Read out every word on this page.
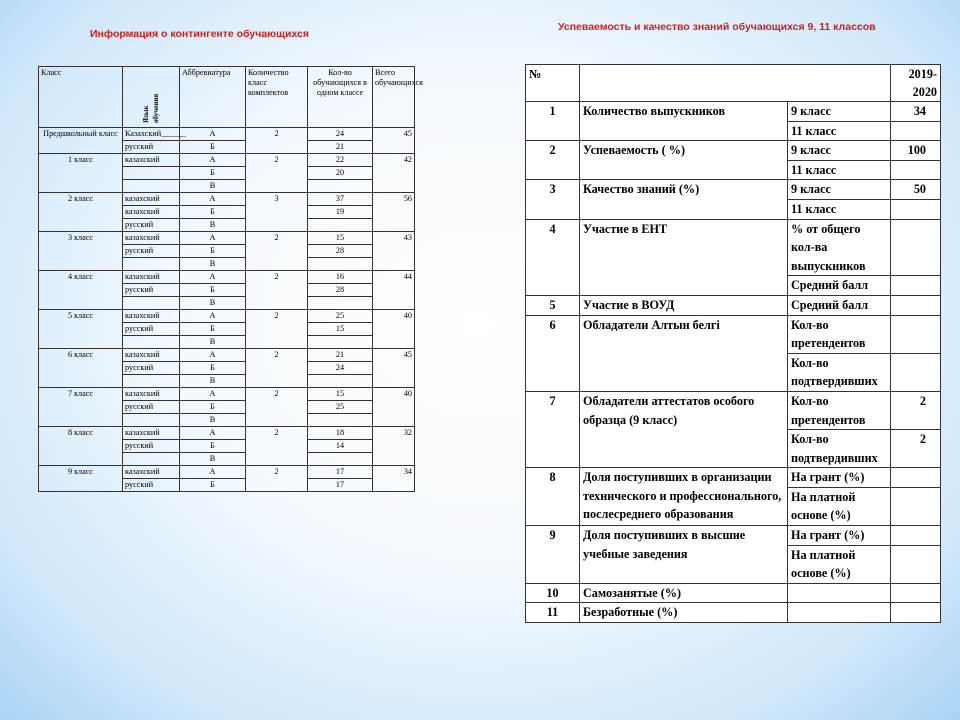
Информация о контингенте обучающихся
Успеваемость и качество знаний обучающихся 9, 11 классов
Класс	Язык обучения	Аббревиатура	Количество класс комплектов	Кол-во обучающихся в одном классе	Всего обучающихся
Предшкольный класс	Казахский______	А	2	24	45
	русский	Б		21	
1 класс	казахский	А	2	22	42
		Б		20	
		В			
2 класс	казахский	А	3	37	56
	казахский	Б		19	
	русский	В			
3 класс	казахский	А	2	15	43
	русский	Б		28	
		В			
4 класс	казахский	А	2	16	44
	русский	Б		28	
		В			
5 класс	казахский	А	2	25	40
	русский	Б		15	
		В			
6 класс	казахский	А	2	21	45
	русский	Б		24	
		В			
7 класс	казахский	А	2	15	40
	русский	Б		25	
		В			
8 класс	казахский	А	2	18	32
	русский	Б		14	
		В			
9 класс	казахский	А	2	17	34
	русский	Б		17	
№			2019-2020
1	Количество выпускников	9 класс	34
		11 класс	
2	Успеваемость ( %)	9 класс	100
		11 класс	
3	Качество знаний (%)	9 класс	50
		11 класс	
4	Участие в ЕНТ	% от общего кол-ва выпускников	
		Средний балл	
5	Участие в ВОУД	Средний балл	
6	Обладатели Алтын белгі	Кол-во претендентов	
		Кол-во подтвердивших	
7	Обладатели аттестатов особого образца (9 класс)	Кол-во претендентов	2
		Кол-во подтвердивших	2
8	Доля поступивших в организации технического и профессионального, послесреднего образования	На грант (%)	
		На платной основе (%)	
9	Доля поступивших в высшие учебные заведения	На грант (%)	
		На платной основе (%)	
10	Самозанятые (%)		
11	Безработные (%)		
